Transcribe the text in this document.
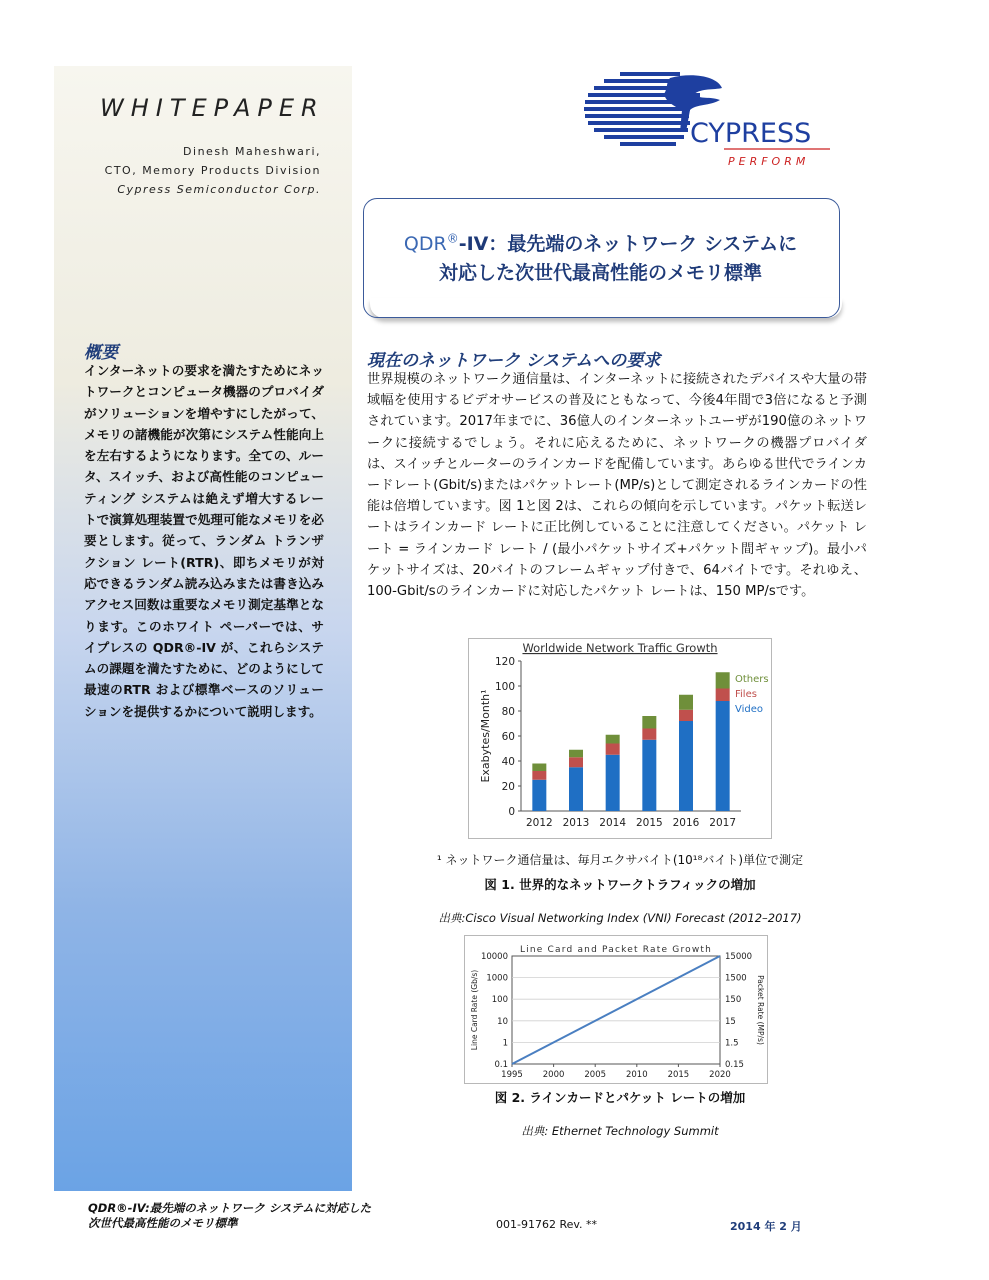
WHITEPAPER
Dinesh Maheshwari,
CTO, Memory Products Division
Cypress Semiconductor Corp.
概要
インターネットの要求を満たすためにネットワークとコンピュータ機器のプロバイダがソリューションを増やすにしたがって、メモリの諸機能が次第にシステム性能向上を左右するようになります。全ての、ルータ、スイッチ、および高性能のコンピューティング システムは絶えず増大するレートで演算処理装置で処理可能なメモリを必要とします。従って、ランダム トランザクション レート(RTR)、即ちメモリが対応できるランダム読み込みまたは書き込みアクセス回数は重要なメモリ測定基準となります。このホワイト ペーパーでは、サイプレスの QDR®-IV が、これらシステムの課題を満たすために、どのようにして最速のRTR および標準ベースのソリューションを提供するかについて説明します。
CYPRESS
PERFORM
QDR®-IV：最先端のネットワーク システムに
対応した次世代最高性能のメモリ標準
現在のネットワーク システムへの要求
世界規模のネットワーク通信量は、インターネットに接続されたデバイスや大量の帯域幅を使用するビデオサービスの普及にともなって、今後4年間で3倍になると予測されています。2017年までに、36億人のインターネットユーザが190億のネットワークに接続するでしょう。それに応えるために、ネットワークの機器プロバイダは、スイッチとルーターのラインカードを配備しています。あらゆる世代でラインカードレート(Gbit/s)またはパケットレート(MP/s)として測定されるラインカードの性能は倍増しています。図 1と図 2は、これらの傾向を示しています。パケット転送レートはラインカード レートに正比例していることに注意してください。パケット レート = ラインカード レート / (最小パケットサイズ+パケット間ギャップ)。最小パケットサイズは、20バイトのフレームギャップ付きで、64バイトです。それゆえ、100-Gbit/sのラインカードに対応したパケット レートは、150 MP/sです。
Worldwide Network Traffic Growth
0
20
40
60
80
100
120
Exabytes/Month¹
2012 2013 2014 2015 2016 2017
Others
Files
Video
¹ ネットワーク通信量は、毎月エクサバイト(10¹⁸バイト)単位で測定
図 1. 世界的なネットワークトラフィックの増加
出典:Cisco Visual Networking Index (VNI) Forecast (2012–2017)
Line Card and Packet Rate Growth
0.1	0.15
1	1.5
10	15
100	150
1000	1500
10000	15000
1995 2000 2005 2010 2015 2020
Line Card Rate (Gb/s)	Packet Rate (MP/s)
図 2. ラインカードとパケット レートの増加
出典: Ethernet Technology Summit
QDR®-IV:最先端のネットワーク システムに対応した
次世代最高性能のメモリ標準	001-91762 Rev. **	2014 年 2 月
